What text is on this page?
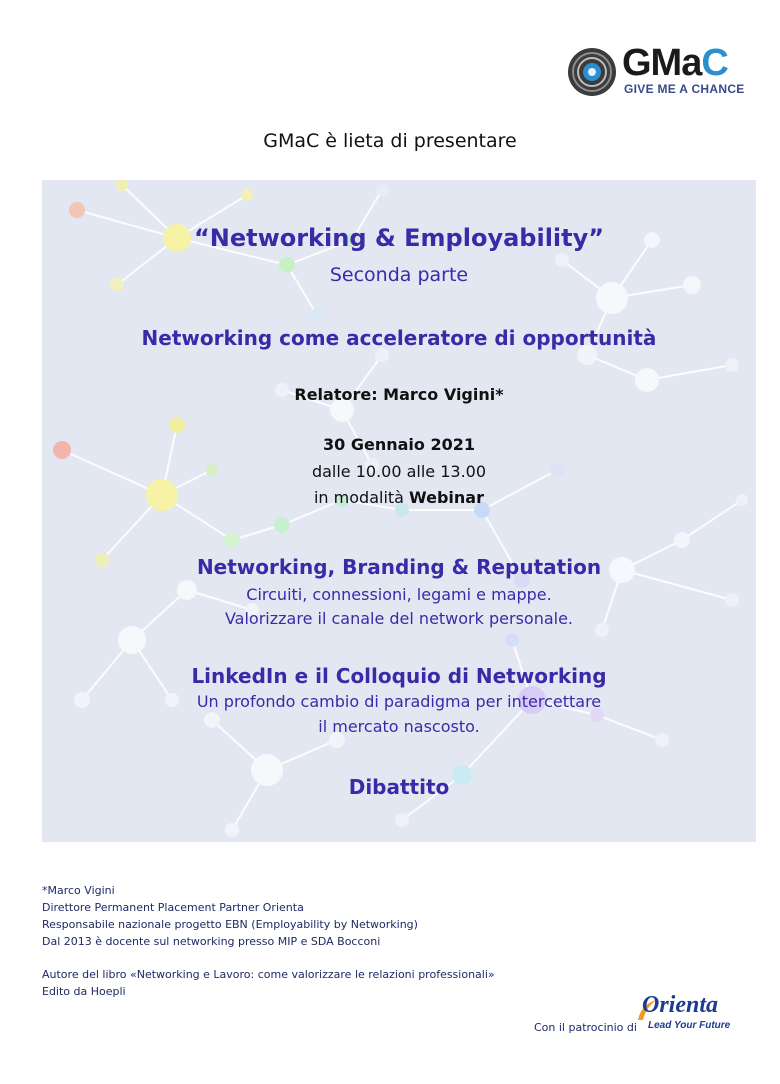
GMaC
GIVE ME A CHANCE
GMaC è lieta di presentare
“Networking & Employability”
Seconda parte
Networking come acceleratore di opportunità
Relatore: Marco Vigini*
30 Gennaio 2021
dalle 10.00 alle 13.00
in modalità Webinar
Networking, Branding & Reputation
Circuiti, connessioni, legami e mappe.
Valorizzare il canale del network personale.
LinkedIn e il Colloquio di Networking
Un profondo cambio di paradigma per intercettare
il mercato nascosto.
Dibattito
*Marco Vigini
Direttore Permanent Placement Partner Orienta
Responsabile nazionale progetto EBN (Employability by Networking)
Dal 2013 è docente sul networking presso MIP e SDA Bocconi
Autore del libro «Networking e Lavoro: come valorizzare le relazioni professionali»
Edito da Hoepli
Con il patrocinio di
Orienta
Lead Your Future
